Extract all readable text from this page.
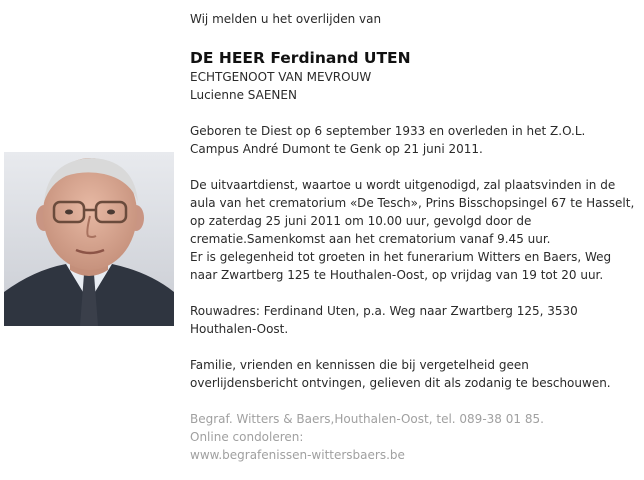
Wij melden u het overlijden van

DE HEER Ferdinand UTEN

ECHTGENOOT VAN MEVROUW

Lucienne SAENEN

Geboren te Diest op 6 september 1933 en overleden in het Z.O.L.
Campus André Dumont te Genk op 21 juni 2011.

De uitvaartdienst, waartoe u wordt uitgenodigd, zal plaatsvinden in de
aula van het crematorium «De Tesch», Prins Bisschopsingel 67 te Hasselt,
op zaterdag 25 juni 2011 om 10.00 uur, gevolgd door de
crematie.Samenkomst aan het crematorium vanaf 9.45 uur.
Er is gelegenheid tot groeten in het funerarium Witters en Baers, Weg
naar Zwartberg 125 te Houthalen-Oost, op vrijdag van 19 tot 20 uur.

Rouwadres: Ferdinand Uten, p.a. Weg naar Zwartberg 125, 3530
Houthalen-Oost.

Familie, vrienden en kennissen die bij vergetelheid geen
overlijdensbericht ontvingen, gelieven dit als zodanig te beschouwen.

Begraf. Witters & Baers,Houthalen-Oost, tel. 089-38 01 85.
Online condoleren:
www.begrafenissen-wittersbaers.be
